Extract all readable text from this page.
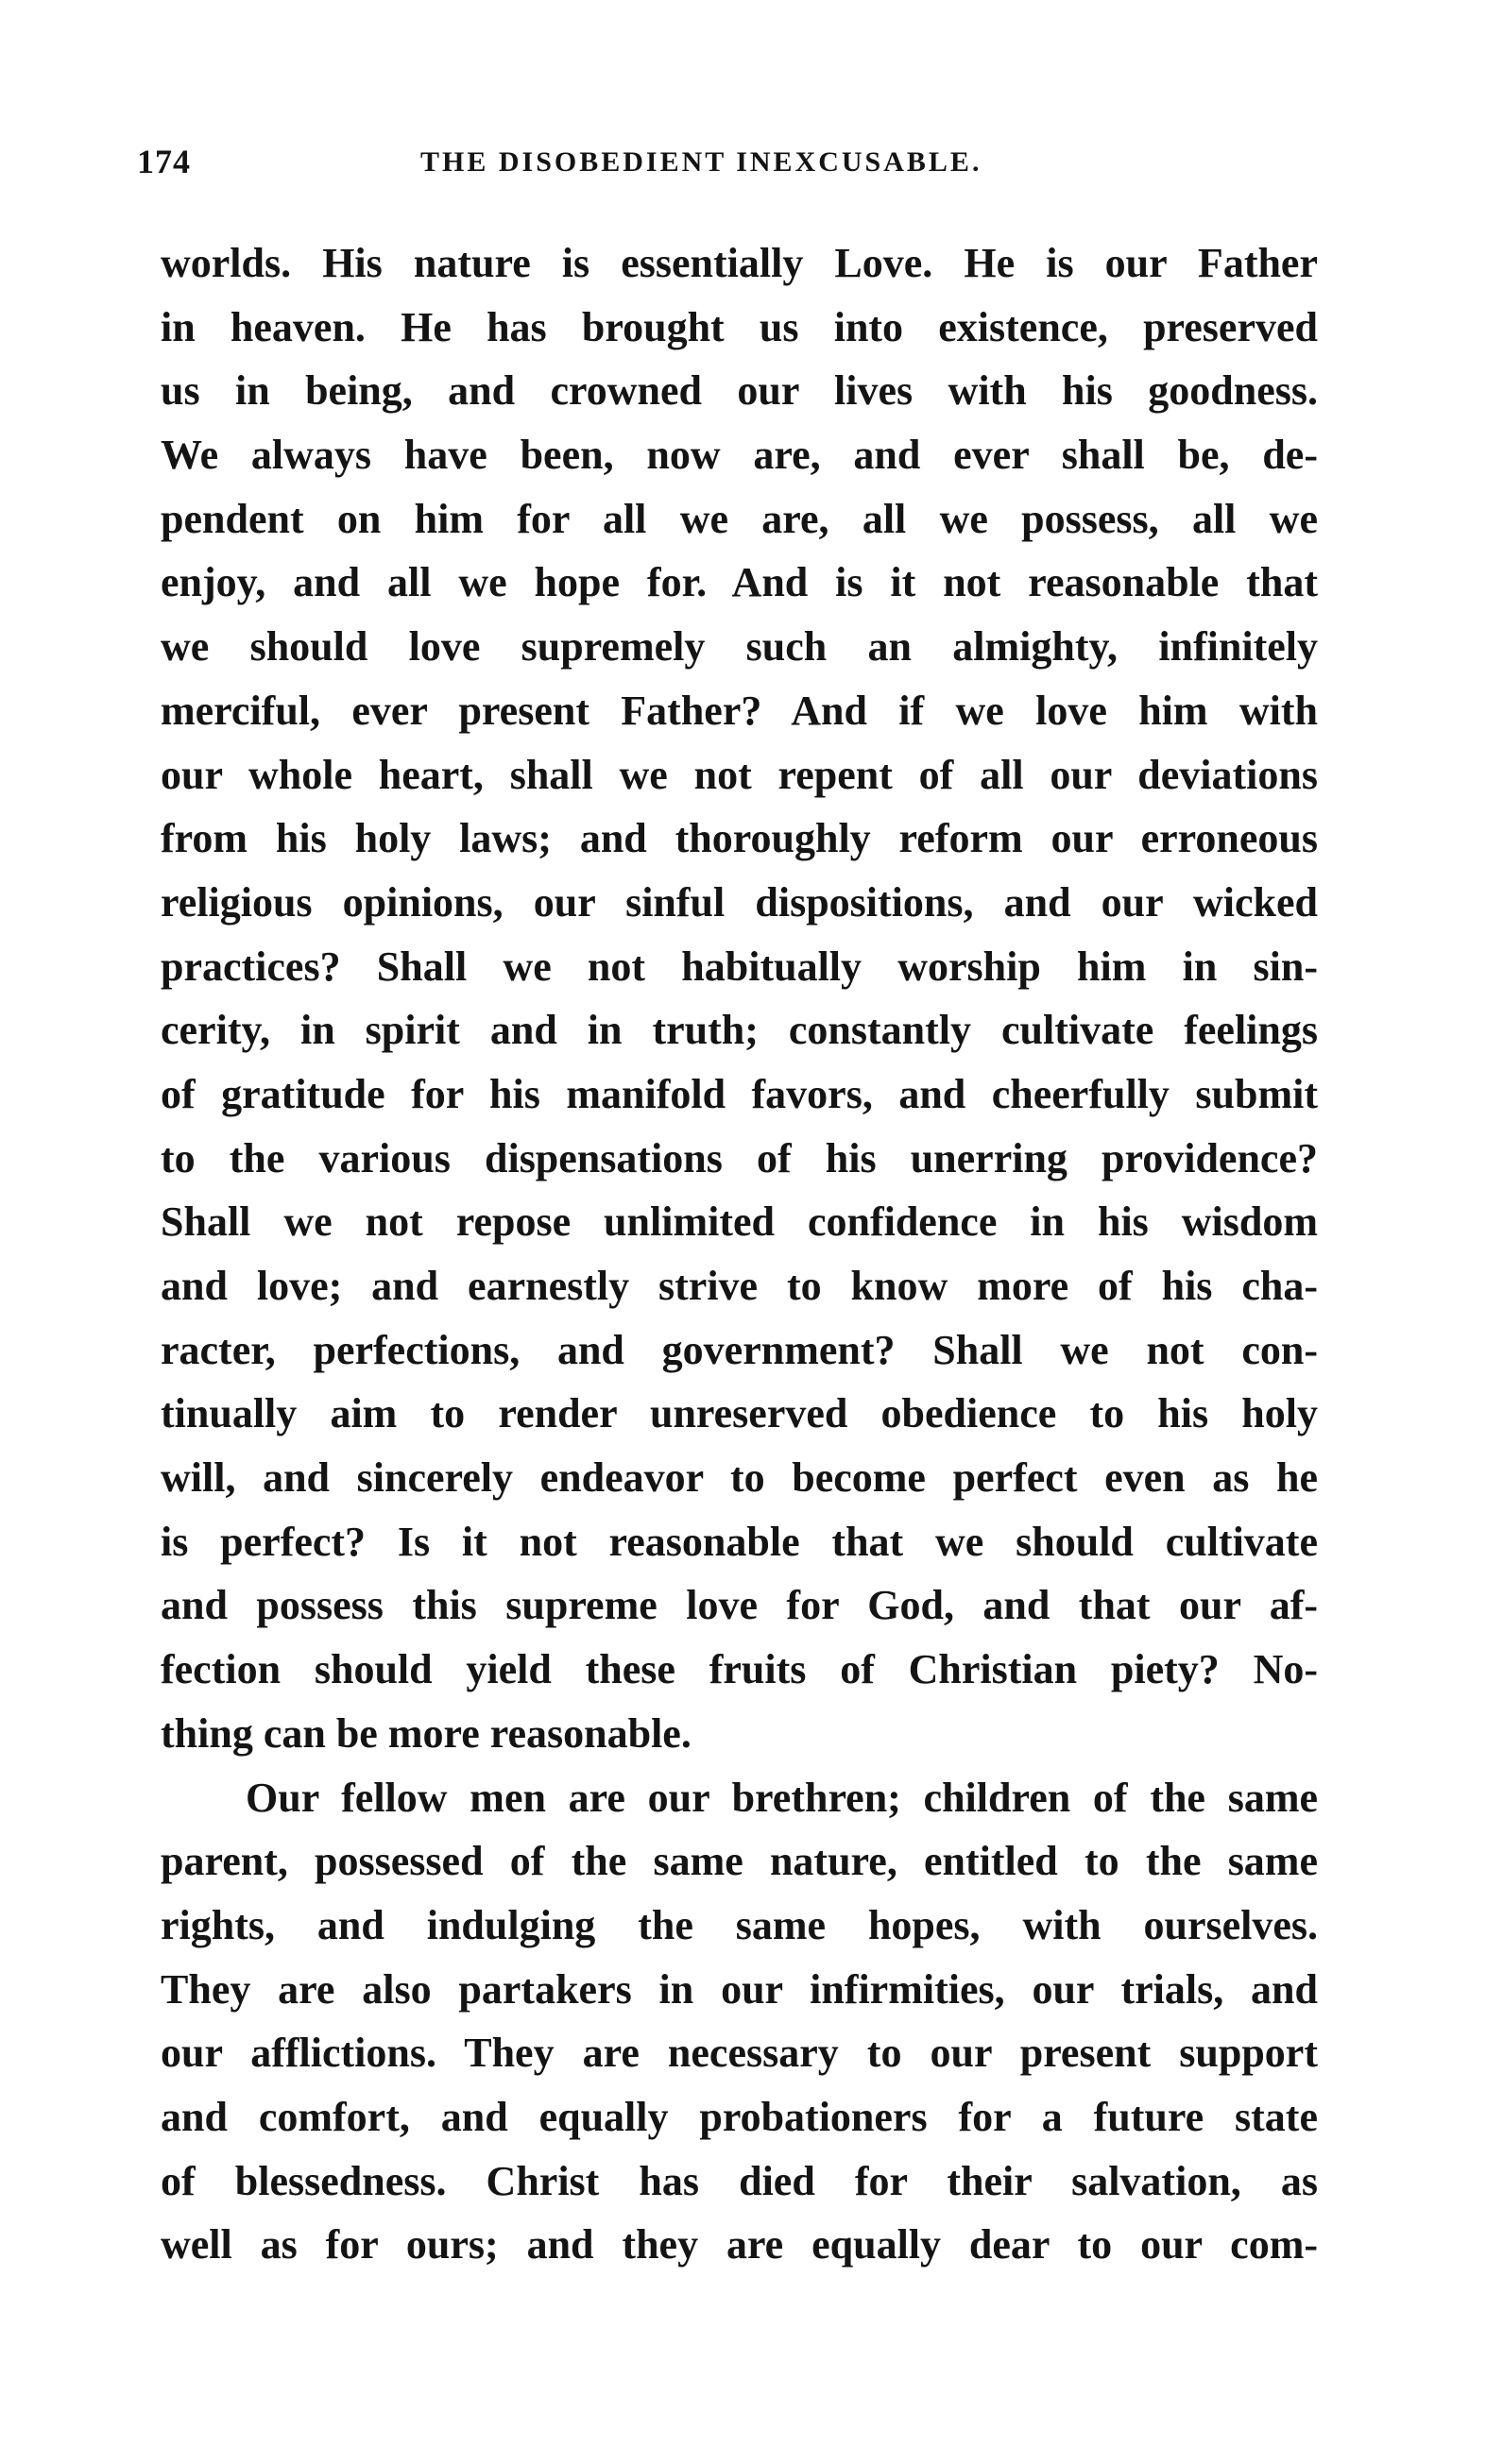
174	THE DISOBEDIENT INEXCUSABLE.
worlds. His nature is essentially Love. He is our Father
in heaven. He has brought us into existence, preserved
us in being, and crowned our lives with his goodness.
We always have been, now are, and ever shall be, de-
pendent on him for all we are, all we possess, all we
enjoy, and all we hope for. And is it not reasonable that
we should love supremely such an almighty, infinitely
merciful, ever present Father? And if we love him with
our whole heart, shall we not repent of all our deviations
from his holy laws; and thoroughly reform our erroneous
religious opinions, our sinful dispositions, and our wicked
practices? Shall we not habitually worship him in sin-
cerity, in spirit and in truth; constantly cultivate feelings
of gratitude for his manifold favors, and cheerfully submit
to the various dispensations of his unerring providence?
Shall we not repose unlimited confidence in his wisdom
and love; and earnestly strive to know more of his cha-
racter, perfections, and government? Shall we not con-
tinually aim to render unreserved obedience to his holy
will, and sincerely endeavor to become perfect even as he
is perfect? Is it not reasonable that we should cultivate
and possess this supreme love for God, and that our af-
fection should yield these fruits of Christian piety? No-
thing can be more reasonable.
Our fellow men are our brethren; children of the same
parent, possessed of the same nature, entitled to the same
rights, and indulging the same hopes, with ourselves.
They are also partakers in our infirmities, our trials, and
our afflictions. They are necessary to our present support
and comfort, and equally probationers for a future state
of blessedness. Christ has died for their salvation, as
well as for ours; and they are equally dear to our com-
